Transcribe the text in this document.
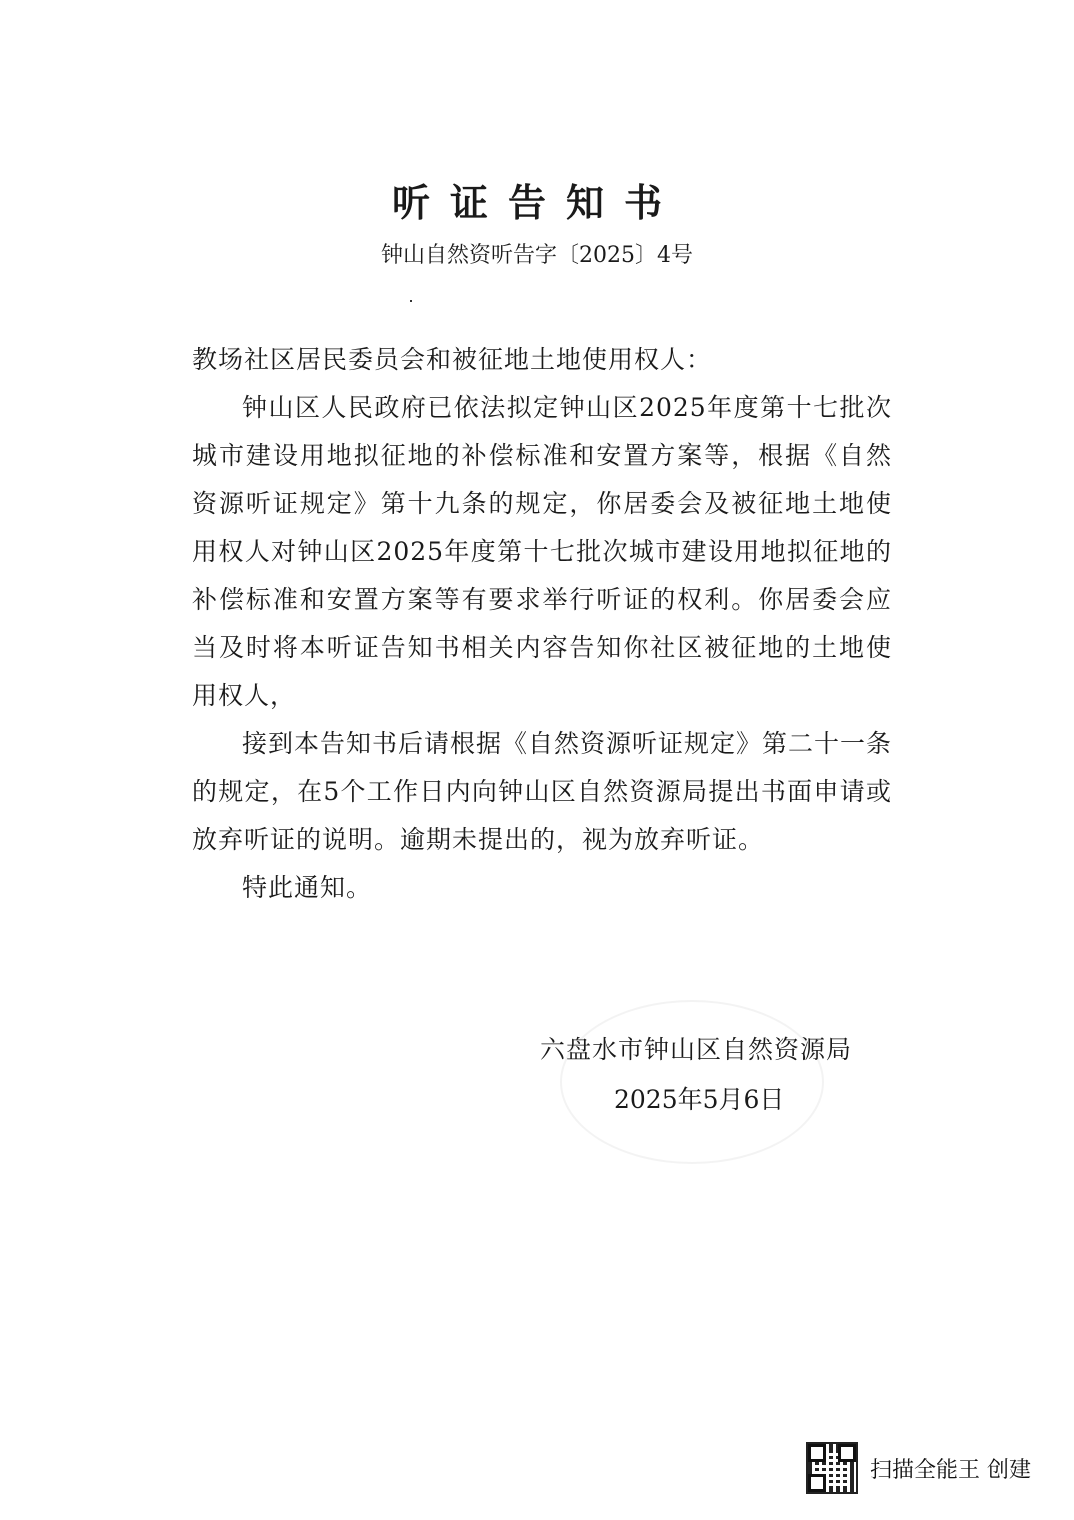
听证告知书
钟山自然资听告字〔2025〕4号

教场社区居民委员会和被征地土地使用权人：

钟山区人民政府已依法拟定钟山区2025年度第十七批次城市建设用地拟征地的补偿标准和安置方案等，根据《自然资源听证规定》第十九条的规定，你居委会及被征地土地使用权人对钟山区2025年度第十七批次城市建设用地拟征地的补偿标准和安置方案等有要求举行听证的权利。你居委会应当及时将本听证告知书相关内容告知你社区被征地的土地使用权人，

接到本告知书后请根据《自然资源听证规定》第二十一条的规定，在5个工作日内向钟山区自然资源局提出书面申请或放弃听证的说明。逾期未提出的，视为放弃听证。

特此通知。

六盘水市钟山区自然资源局
2025年5月6日
扫描全能王 创建
